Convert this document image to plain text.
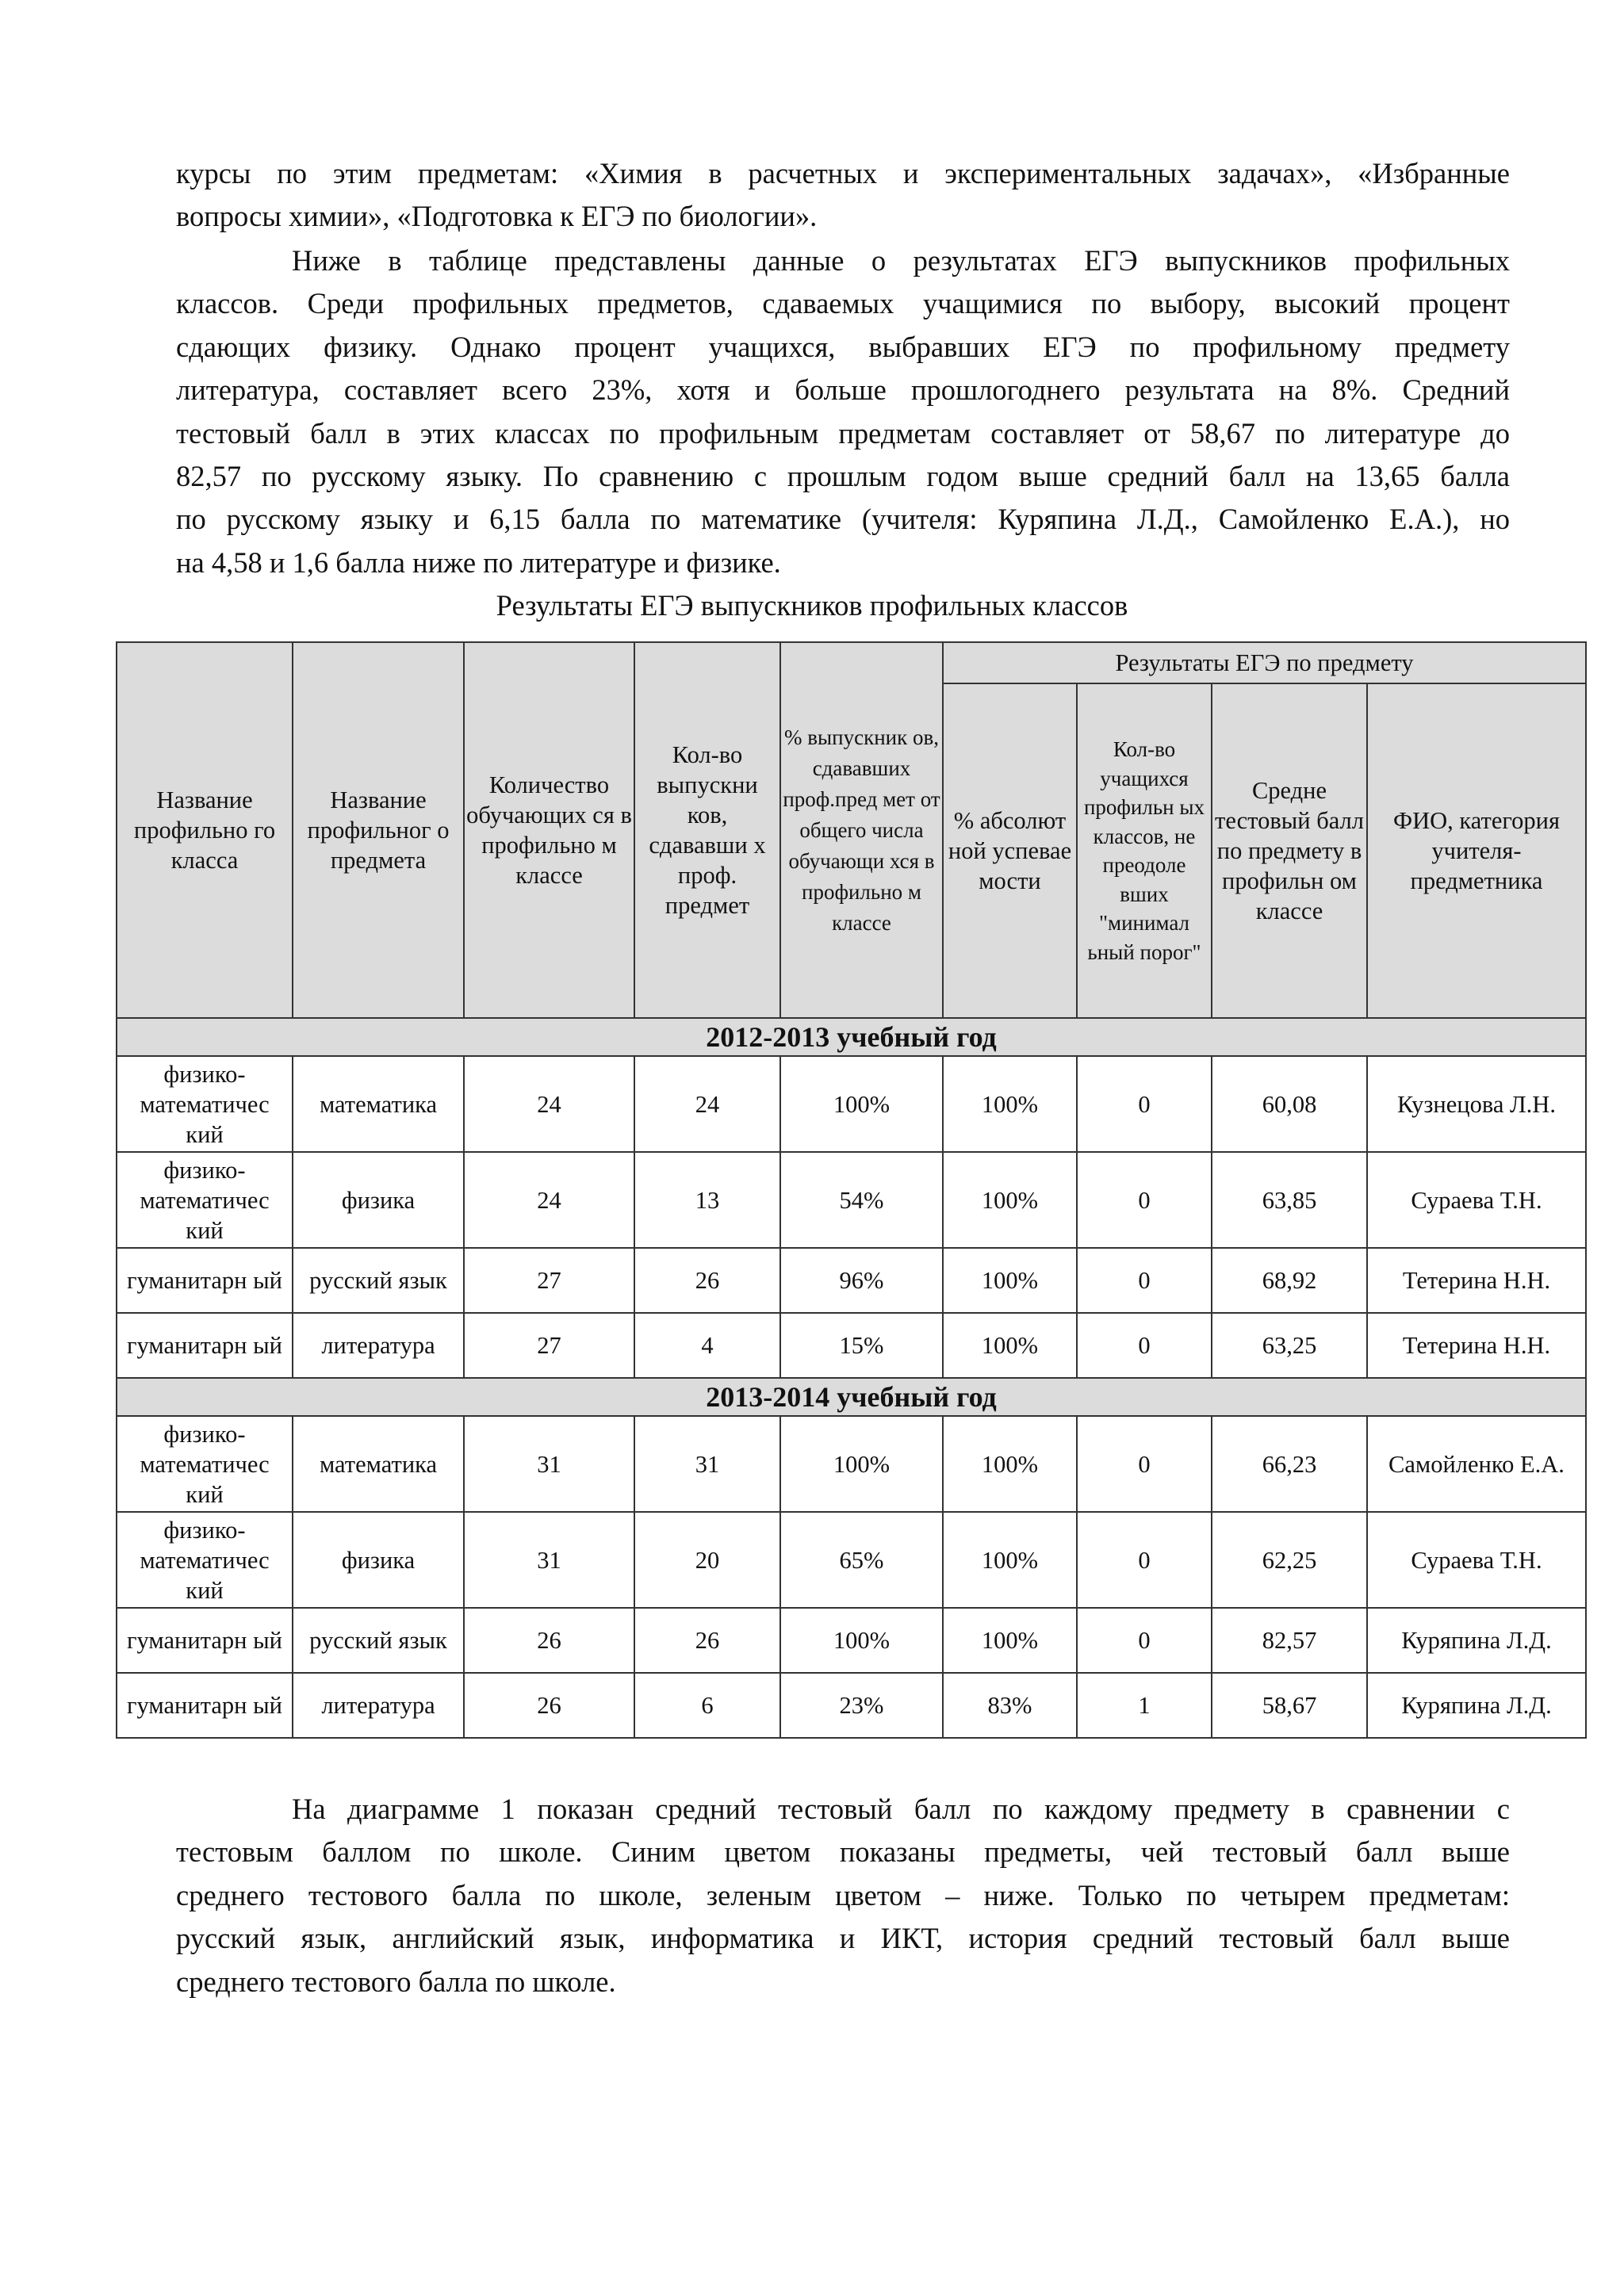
курсы по этим предметам: «Химия в расчетных и экспериментальных задачах», «Избранные
вопросы химии», «Подготовка к ЕГЭ по биологии».

Ниже в таблице представлены данные о результатах ЕГЭ выпускников профильных
классов. Среди профильных предметов, сдаваемых учащимися по выбору, высокий процент
сдающих физику. Однако процент учащихся, выбравших ЕГЭ по профильному предмету
литература, составляет всего 23%, хотя и больше прошлогоднего результата на 8%. Средний
тестовый балл в этих классах по профильным предметам составляет от 58,67 по литературе до
82,57 по русскому языку. По сравнению с прошлым годом выше средний балл на 13,65 балла
по русскому языку и 6,15 балла по математике (учителя: Куряпина Л.Д., Самойленко Е.А.), но
на 4,58 и 1,6 балла ниже по литературе и физике.

Результаты ЕГЭ выпускников профильных классов

Название профильно го класса	Название профильног о предмета	Количество обучающих ся в профильно м классе	Кол-во выпускни ков, сдававши х проф. предмет	% выпускник ов, сдававших проф.пред мет от общего числа обучающи хся в профильно м классе	Результаты ЕГЭ по предмету			
					% абсолют ной успевае мости	Кол-во учащихся профильн ых классов, не преодоле вших "минимал ьный порог"	Средне тестовый балл по предмету в профильн ом классе	ФИО, категория учителя-предметника
2012-2013 учебный год								
физико-математичес кий	математика	24	24	100%	100%	0	60,08	Кузнецова Л.Н.
физико-математичес кий	физика	24	13	54%	100%	0	63,85	Сураева Т.Н.
гуманитарн ый	русский язык	27	26	96%	100%	0	68,92	Тетерина Н.Н.
гуманитарн ый	литература	27	4	15%	100%	0	63,25	Тетерина Н.Н.
2013-2014 учебный год								
физико-математичес кий	математика	31	31	100%	100%	0	66,23	Самойленко Е.А.
физико-математичес кий	физика	31	20	65%	100%	0	62,25	Сураева Т.Н.
гуманитарн ый	русский язык	26	26	100%	100%	0	82,57	Куряпина Л.Д.
гуманитарн ый	литература	26	6	23%	83%	1	58,67	Куряпина Л.Д.

На диаграмме 1 показан средний тестовый балл по каждому предмету в сравнении с
тестовым баллом по школе. Синим цветом показаны предметы, чей тестовый балл выше
среднего тестового балла по школе, зеленым цветом – ниже. Только по четырем предметам:
русский язык, английский язык, информатика и ИКТ, история средний тестовый балл выше
среднего тестового балла по школе.
